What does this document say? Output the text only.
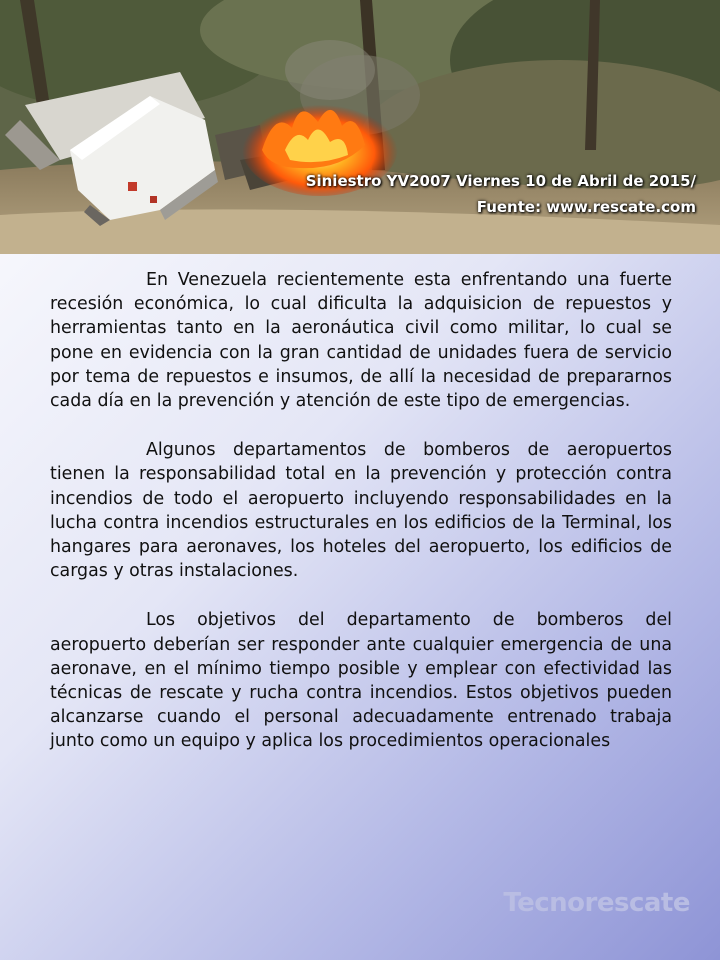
Siniestro YV2007 Viernes 10 de Abril de 2015/
Fuente: www.rescate.com

En Venezuela recientemente esta enfrentando una fuerte recesión económica, lo cual dificulta la adquisicion de repuestos y herramientas tanto en la aeronáutica civil como militar, lo cual se pone en evidencia con la gran cantidad de unidades fuera de servicio por tema de repuestos e insumos, de allí la necesidad de prepararnos cada día en la prevención y atención de este tipo de emergencias.

Algunos departamentos de bomberos de aeropuertos tienen la responsabilidad total en la prevención y protección contra incendios de todo el aeropuerto incluyendo responsabilidades en la lucha contra incendios estructurales en los edificios de la Terminal, los hangares para aeronaves, los hoteles del aeropuerto, los edificios de cargas y otras instalaciones.

Los objetivos del departamento de bomberos del aeropuerto deberían ser responder ante cualquier emergencia de una aeronave, en el mínimo tiempo posible y emplear con efectividad las técnicas de rescate y rucha contra incendios. Estos objetivos pueden alcanzarse cuando el personal adecuadamente entrenado trabaja junto como un equipo y aplica los procedimientos operacionales

Tecnorescate
